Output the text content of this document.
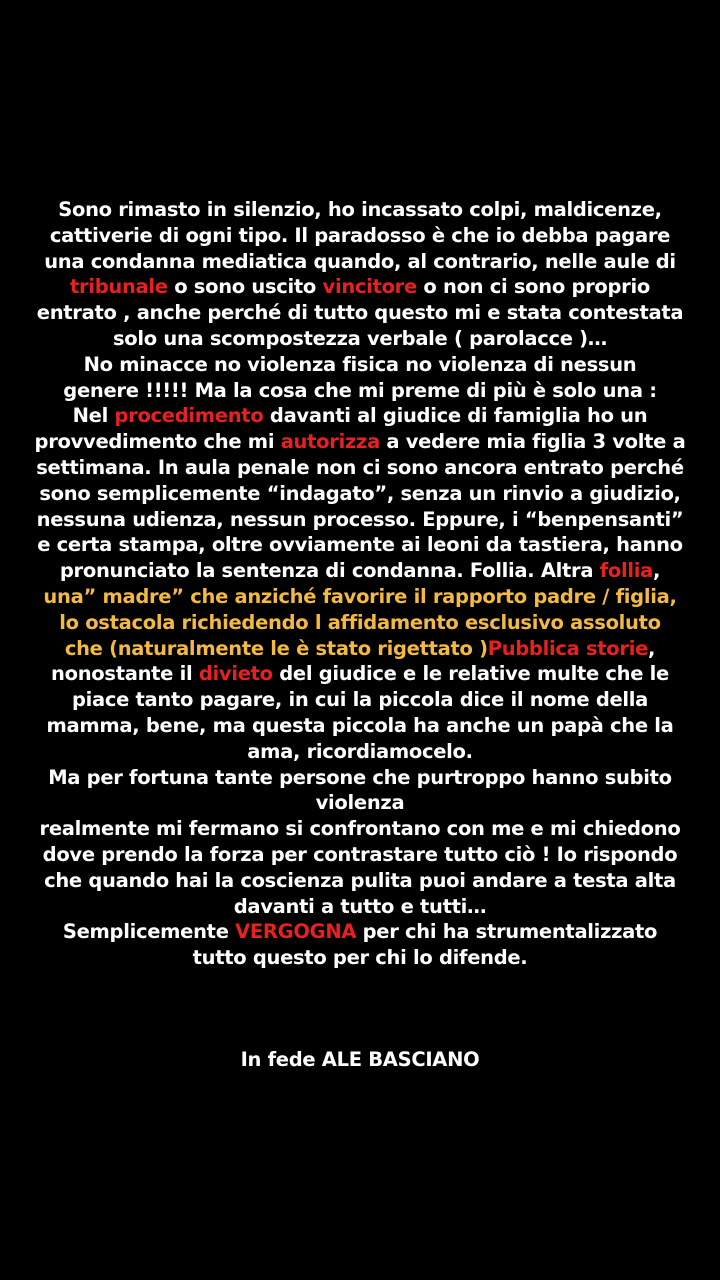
Sono rimasto in silenzio, ho incassato colpi, maldicenze,
cattiverie di ogni tipo. Il paradosso è che io debba pagare
una condanna mediatica quando, al contrario, nelle aule di
tribunale o sono uscito vincitore o non ci sono proprio
entrato , anche perché di tutto questo mi e stata contestata
solo una scompostezza verbale ( parolacce )…
No minacce no violenza fisica no violenza di nessun
genere !!!!! Ma la cosa che mi preme di più è solo una :
Nel procedimento davanti al giudice di famiglia ho un
provvedimento che mi autorizza a vedere mia figlia 3 volte a
settimana. In aula penale non ci sono ancora entrato perché
sono semplicemente “indagato”, senza un rinvio a giudizio,
nessuna udienza, nessun processo. Eppure, i “benpensanti”
e certa stampa, oltre ovviamente ai leoni da tastiera, hanno
pronunciato la sentenza di condanna. Follia. Altra follia,
una” madre” che anziché favorire il rapporto padre / figlia,
lo ostacola richiedendo l affidamento esclusivo assoluto
che (naturalmente le è stato rigettato )Pubblica storie,
nonostante il divieto del giudice e le relative multe che le
piace tanto pagare, in cui la piccola dice il nome della
mamma, bene, ma questa piccola ha anche un papà che la
ama, ricordiamocelo.
Ma per fortuna tante persone che purtroppo hanno subito
violenza
realmente mi fermano si confrontano con me e mi chiedono
dove prendo la forza per contrastare tutto ciò ! Io rispondo
che quando hai la coscienza pulita puoi andare a testa alta
davanti a tutto e tutti…
Semplicemente VERGOGNA per chi ha strumentalizzato
tutto questo per chi lo difende.
In fede ALE BASCIANO
